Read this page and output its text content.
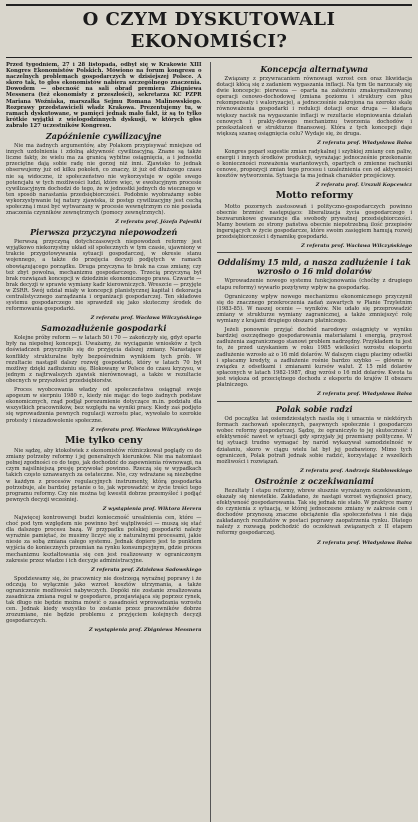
O CZYM DYSKUTOWALI EKONOMIŚCI?

Przed tygodniem, 27 i 28 listopada, odbył się w Krakowie XIII Kongres Ekonomistów Polskich. Mówiono na forum kongresu o naczelnych problemach gospodarczych w dzisiejszej Polsce. A skoro tak, to głos ekonomistów nabiera szczególnego znaczenia. Dowodem — obecność na sali obrad premiera Zbigniewa Messnera (też ekonomisty z przeszłości), sekretarza KC PZPR Mariana Woźniaka, marszałka Sejmu Romana Malinowskiego. Rozprawy przedstawicieli władz Krakowa. Prezentujemy tu, w ramach dyskutowane, w pamięci jednak mało fakt, iż są to tylko krótkie wyjątki z wielogodzinnych dyskusji, w których głos zabrało 127 uczestników Kongresu.

Zapóźnienie cywilizacyjne

Nie ma żadnych argumentów, aby Polakom przypisywać mniejsze od innych uzdolnienia i zdolną aktywność cywilizacyjną. Znane są także liczne fakty, że wielu ma za granicą wybitne osiągnięcia, a i jednostki przeciętne dają sobie radę nie gorzej niż inni. Zjawisko to jednak obserwujemy już od kilku pokoleń, co znaczy, iż już od dłuższego czasu nie są widoczne, iż społeczeństwo nie wykorzystuje w ogóle swego potencjału w tych możliwości ludzi, które więc, w ewolucyjnym procesie cywilizacyjnym dochodzi do tego, że w jednostki jednych do wiecznego w ten sposób narastania przedsiębiorczości. Podobnie wyobrażamy sobie wykorzystywanie tej natury zjawiska, iż postęp cywilizacyjny jest cechą społeczną i musi być wytwarzany w procesie wewnętrznym co nie posiada znaczenia czynników zewnętrznych (pomocy zewnętrznych).

Z referatu prof. Józefa Pajestki
Pierwsza przyczyna niepowodzeń

Pierwszą przyczyną dotychczasowych niepowodzeń reformy jest wyjątkowo niekorzystny układ sił społecznych w tym czasie, ujawniony w trakcie przygotowywania sytuacji gospodarczej, w okresie stanu wojennego, a także do przejęcia decyzji podjętych w ramach obowiązującego porządku. Druga przyczyna to brak na czas zmiany, czy też zbyt powolna, mechanizmu gospodarczego. Trzecią przyczyną był brak rozwiązań koncepcji w dziedzinie ekonomicznego prawa. Czwarte — brak decyzji w sprawie wymiany kadr kierowniczych. Wreszcie — przyjęte w ZSRR. Swój udział miały w koncepcji planistycznej kapitał i dekoracja centralistycznego zarządzania i organizacji gospodarczej. Ten składowe systemu gospodarczego nie sprawdził się jako skuteczny środek do reformowania gospodarki.

Z referatu prof. Wacława Wilczyńskiego
Samozadłużenie gospodarki

Kolejne próby reform — w latach 50 i 70 — zakończyły się, gdyż oparte były na niepełnej koncepcji. Uważamy, że wyciąganie wniosków z tych doświadczeń przyczyniło się do przyjęcia dalszej zmiany. Narastające konflikty strukturalne były bezpośrednim wynikiem tych prób. W rezultacie nastąpił dalszy rozwój gospodarki, który w latach 70 był możliwy dzięki zadłużeniu się. Blokowany w Polsce do czasu kryzysu, w jednym z najtrwalszych zjawisk nierównowagi, a także w rezultacie obecnych w przyszłości przedsiębiorstw.

Proces wyobcowania władzy od społeczeństwa osiągnął swoje apogeum w sierpniu 1980 r., kiedy nie mając do tego żadnych podstaw ekonomicznych, rząd podjął porozumienie dotyczące m.in. podziału dla wszystkich pracowników, bez względu na wyniki pracy. Kiedy zaś podjęto się wprowadzenia pewnych regulacji wzrostu płac, wywołało to szerokie protesty i niezadowolenie społeczne.

Z referatu prof. Wacława Wilczyńskiego
Mie tylko ceny

Nie sądzę, aby ktokolwiek z ekonomistów różniczkował poglądy co do zmiany potrzeby reformy i jej generalnych kierunków. Nie ma natomiast pełnej zgodności co do tego, jak dochodzić do zapewnienia równowagi, na czym najsilniejszą presję przywołać powinno. Rzeczą się w wypadkach takich często uznawanych za ostateczne. Nie, czy wdrażane są niezbędne w każdym z procesów regulacyjnych instrumenty, którą gospodarka potrzebuje, ale bardziej pytanie o to, jak wprowadzić w życie treści tego programu reformy. Czy nie można tej kwestii dobrze przemyśleć i podjąć pewnych decyzji wcześniej.

Z wystąpienia prof. Wiktora Herera

Najwięcej kontrowersji budzi konieczność urealnienia cen, które — choć pod tym względem nie powinno być wątpliwości — muszą się stać dla dalszego procesu bazą. W przypadku polskiej gospodarki należy wyraźnie pamiętać, że musimy liczyć się z naturalnymi procesami, jakie niesie za sobą zmiana całego systemu. Jednak dopiero jest to punktem wyjścia do koniecznych przemian na rynku konsumpcyjnym, gdzie proces mechanizmu kształtowania się cen jest realizowany w ograniczonym zakresie przez władze i ich decyzje administracyjne.

Z referatu prof. Zdzisława Sadowskiego

Spodziewamy się, że pracownicy nie dostrzegą wyraźnej poprawy i że odczują to wyłącznie jako wzrost kosztów utrzymania, a także ograniczenie możliwości nabywczych. Dopóki nie zostanie zrealizowana zasadnicza zmiana reguł w gospodarce, przejawiająca się poprzez rynek, tak długo nie będzie można mówić o zasadności wprowadzania wzrostu cen. Jednak kiedy wszystko to zostanie przez pracowników dobrze zrozumiane, nie będzie problemu z przyjęciem kolejnych decyzji gospodarczych.

Z wystąpienia prof. Zbigniewa Messnera
Koncepcja alternatywna

Związany z przywracaniem równowagi wzrost cen oraz likwidacja dotacji kłócą się z zadaniem wygaszania inflacji. Na tym tle narzucały się dwie koncepcje: pierwsza — oparta na założeniu zmaksymalizowanej operacji cenowo-dochodowej (zmiana poziomu i struktury cen plus rekompensaty i waloryzacje), a jednocześnie zakrojona na szeroko skalę równoważenia gospodarki i redukcji dotacji oraz druga — kładąca większy nacisk na wygaszanie inflacji w rezultacie stopniowania działań cenowych i prakty-dowego mechanizmu tworzenia dochodów i przekształceń w strukturze finansowej. Która z tych koncepcji daje większą szansę osiągnięcia celu? Wydaje się, że druga.

Z referatu prof. Władysława Balsa

Kongres poparł sugestie zmian radykalnej i szybkiej zmiany cen paliw, energii i innych środków produkcji, wyrażając jednocześnie przekonanie o konieczności rozważenia wariantowych, opartych o zmienne rachunki cenowe, propozycji zmian tego procesu i uzależnienia cen od aktywności kosztów wytworzenia. Sytuacja ta ma jednak charakter przejściowy.

Z referatu prof. Urszuli Kopcewicz
Motto reformy

Motto pozornych zastosowań i polityczno-gospodarczych powinno obecnie brzmieć następująco: liberalizacja życia gospodarczego i bezwarunkowe gwarancje dla swobody prywatnej przedsiębiorczości. Mamy bowiem ze strony państwa obecnie niepotrzebną ilość przepisów ingerujących w życie gospodarcze, które swoim zasięgiem hamują rozwój przedsiębiorczości i dynamikę gospodarki.

Z referatu prof. Wacława Wilczyńskiego
Oddaliśmy 15 mld, a nasza zadłużenie i tak wzrosło o 16 mld dolarów

Wprowadzenie nowego systemu funkcjonowania (choćby z drugiego etapu reformy) wywarło pozytywny wpływ na gospodarkę.

Ograniczony wpływ nowego mechanizmu ekonomicznego przyczynił się do znacznego przekroczenia zadań zawartych w Planie Trzyletnim (1983-85). W naszej ocenie — wyników. Nie udało się przeprowadzić zmiany w strukturze wymiany zagranicznej, a także zmniejszyć rolę wymiany z krajami drugiego obszaru płatniczego.

Jeżeli ponownie przyjąć dochód narodowy osiągnięty w wyniku bardziej oszczędnego gospodarowania materiałami i energią, przyrost zadłużenia zagranicznego stanowi problem nadrzędny. Przykładem tu jest to, że przed uzyskaniem w roku 1985 wielkości wzrostu eksportu zadłużenie wzrosło aż o 16 mld dolarów. W dalszym ciągu płacimy odsetki i spłacamy kredyty, a zadłużenie rośnie bardzo szybko — głównie w związku z odsetkami i zmianami kursów walut. Z 15 mld dolarów spłaconych w latach 1982-1987, dług wzrósł o 16 mld dolarów. Kwota ta jest większa od przeciętnego dochodu z eksportu do krajów II obszaru płatniczego.

Z referatu prof. Władysława Balsa
Polak sobie radzi

Od początku lat osiemdziesiątych nasila się i umacnia w niektórych formach zachowań społecznych, pasywnych społecznie i gospodarczo wobec reformy gospodarczej. Sądzę, że ograniczyło to jej skuteczność i efektywność nawet w sytuacji gdy sprzyjały jej przemiany polityczne. W tej sytuacji trudno wymagać by naród wykazywał samodzielność w działaniu, skoro w ciągu wielu lat był jej pozbawiony. Mimo tych ograniczeń, Polak potrafi jednak sobie radzić, korzystając z wszelkich możliwości i rozwiązań.

Z referatu prof. Andrzeja Stabłowskiego
Ostrożnie z oczekiwaniami

Rezultaty I etapu reformy, wbrew słusznie wyrażanym oczekiwaniom, okazały się niewielkie. Zakładano, że nastąpi wzrost wydajności pracy, efektywność gospodarowania. Tak się jednak nie stało. W praktyce mamy do czynienia z sytuacją, w której jednoczesne zmiany w zakresie cen i dochodów przynoszą znaczne obciążenie dla społeczeństwa i nie dają zakładanych rezultatów w postaci poprawy zaopatrzenia rynku. Dlatego należy z rozwagą podchodzić do oczekiwań związanych z II etapem reformy gospodarczej.

Z referatu prof. Władysława Balsa
